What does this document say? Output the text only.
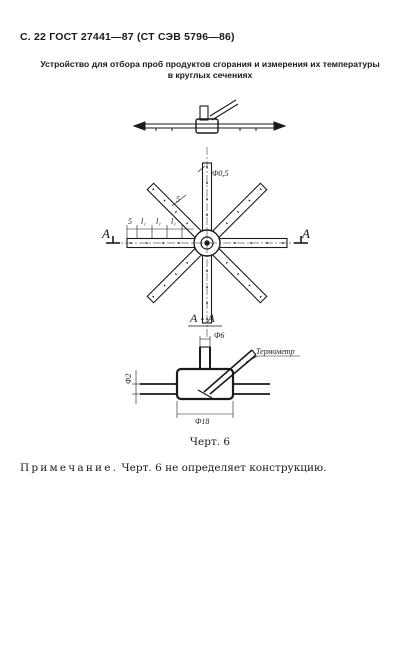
С. 22 ГОСТ 27441—87 (СТ СЭВ 5796—86)
Устройство для отбора проб продуктов сгорания и измерения их температуры
в круглых сечениях
Ф0,5
5
5 l₁ l₁ l₁
А	А
А - А
Ф6
Термометр
Ф2
Ф18
Черт. 6
Примечание. Черт. 6 не определяет конструкцию.
